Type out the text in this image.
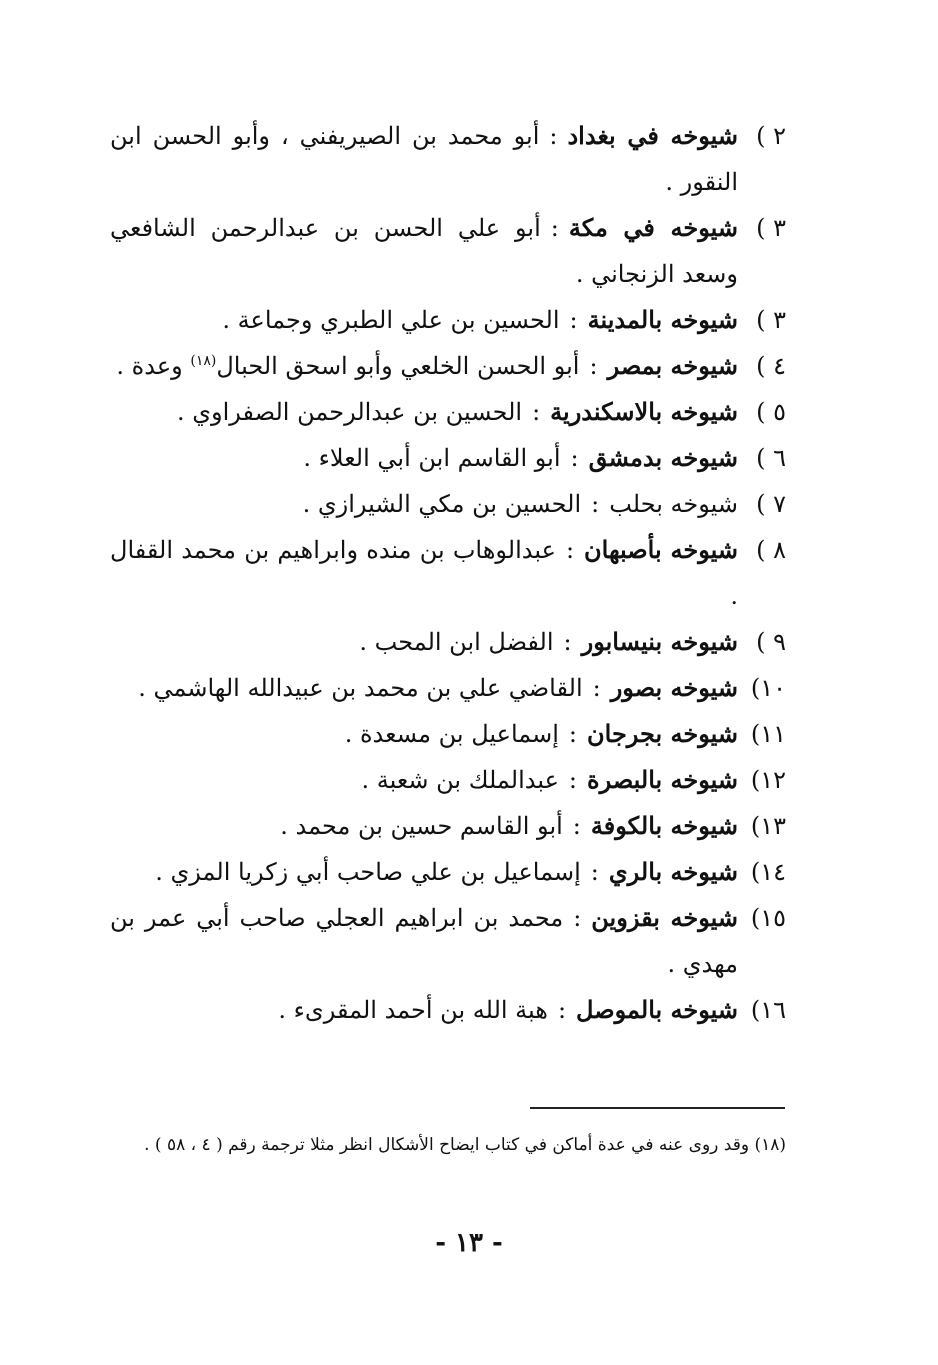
٢ )
شيوخه في بغداد:أبو محمد بن الصيريفني ، وأبو الحسن ابن النقور .
٣ )
شيوخه في مكة:أبو علي الحسن بن عبدالرحمن الشافعي وسعد الزنجاني .
٣ )
شيوخه بالمدينة:الحسين بن علي الطبري وجماعة .
٤ )
شيوخه بمصر:أبو الحسن الخلعي وأبو اسحق الحبال$^{(١٨)}$ وعدة .
٥ )
شيوخه بالاسكندرية:الحسين بن عبدالرحمن الصفراوي .
٦ )
شيوخه بدمشق:أبو القاسم ابن أبي العلاء .
٧ )
شيوخه بحلب:الحسين بن مكي الشيرازي .
٨ )
شيوخه بأصبهان:عبدالوهاب بن منده وابراهيم بن محمد القفال .
٩ )
شيوخه بنيسابور:الفضل ابن المحب .
١٠)
شيوخه بصور:القاضي علي بن محمد بن عبيدالله الهاشمي .
١١)
شيوخه بجرجان:إسماعيل بن مسعدة .
١٢)
شيوخه بالبصرة:عبدالملك بن شعبة .
١٣)
شيوخه بالكوفة:أبو القاسم حسين بن محمد .
١٤)
شيوخه بالري:إسماعيل بن علي صاحب أبي زكريا المزي .
١٥)
شيوخه بقزوين:محمد بن ابراهيم العجلي صاحب أبي عمر بن مهدي .
١٦)
شيوخه بالموصل:هبة الله بن أحمد المقرىء .
(١٨) وقد روى عنه في عدة أماكن في كتاب ايضاح الأشكال انظر مثلا ترجمة رقم ( ٤ ، ٥٨ ) .
- ١٣ -
